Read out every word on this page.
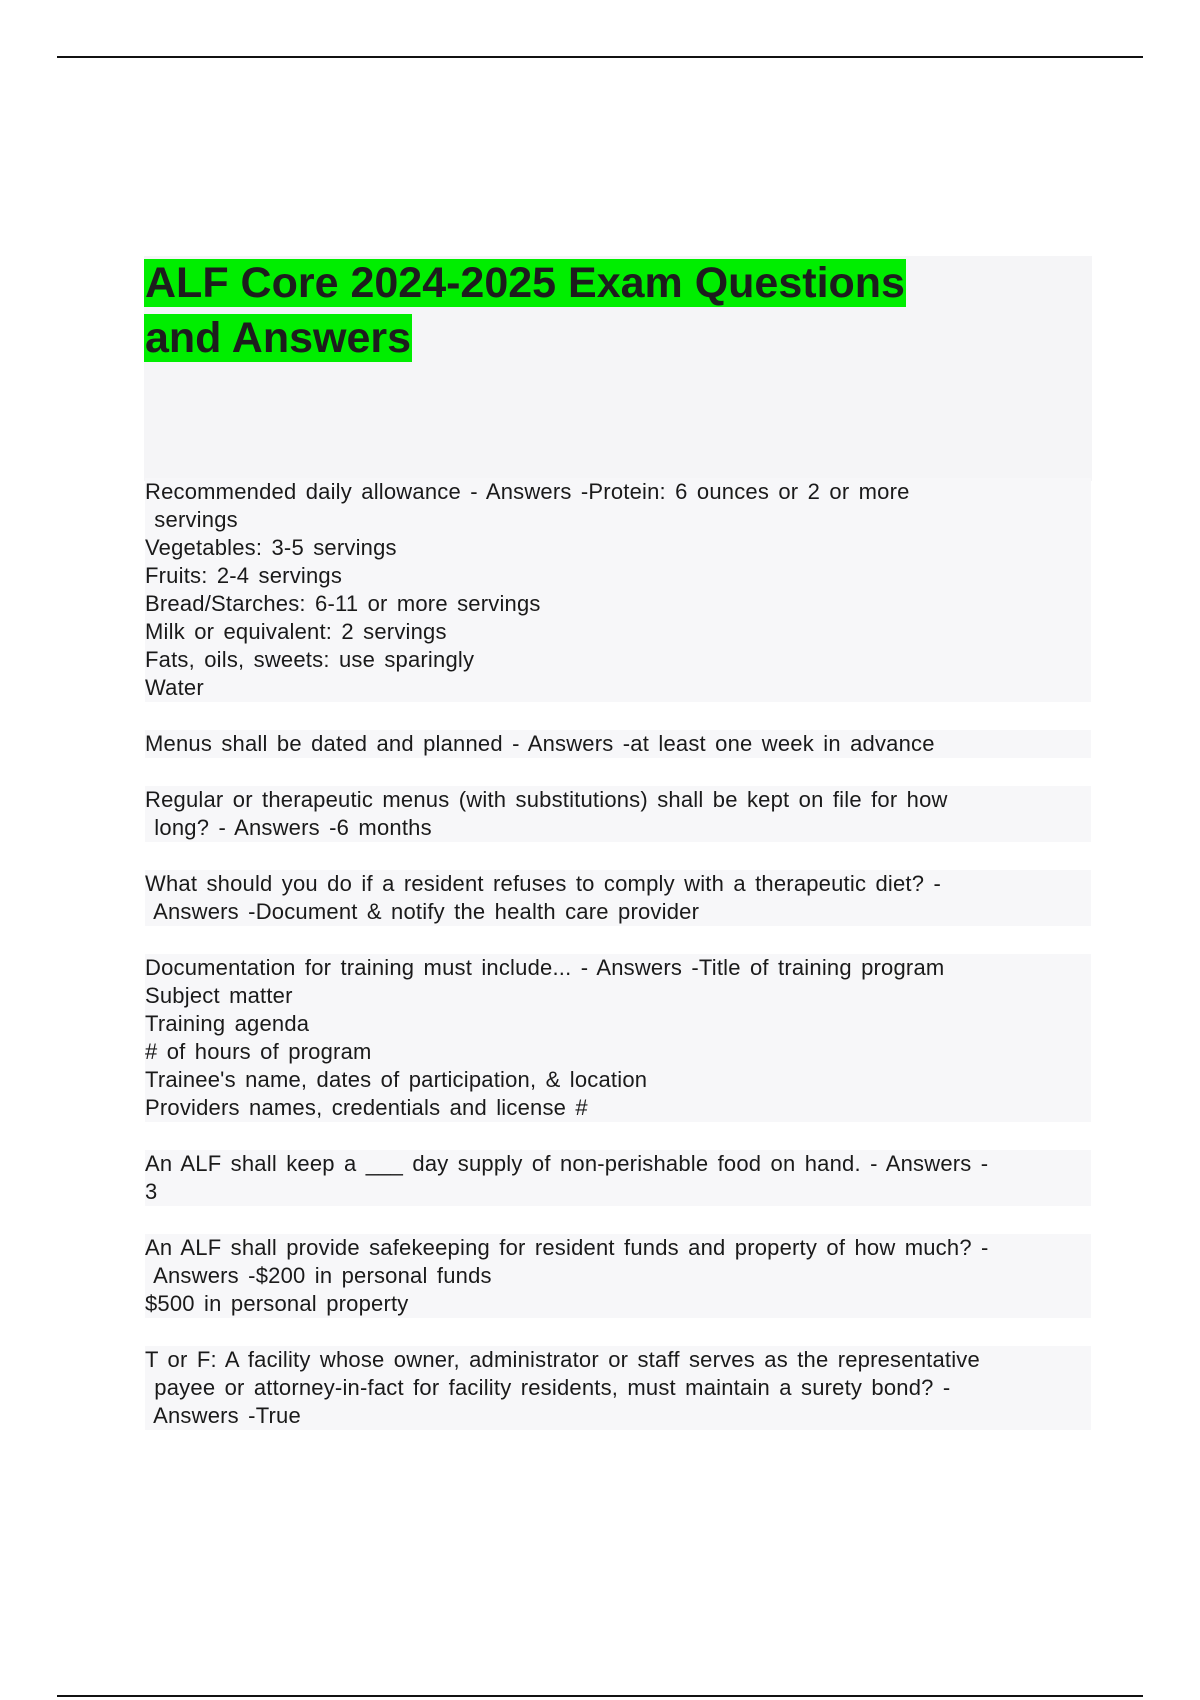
ALF Core 2024-2025 Exam Questions
and Answers
Recommended daily allowance - Answers -Protein: 6 ounces or 2 or more
servings
Vegetables: 3-5 servings
Fruits: 2-4 servings
Bread/Starches: 6-11 or more servings
Milk or equivalent: 2 servings
Fats, oils, sweets: use sparingly
Water
Menus shall be dated and planned - Answers -at least one week in advance
Regular or therapeutic menus (with substitutions) shall be kept on file for how
long? - Answers -6 months
What should you do if a resident refuses to comply with a therapeutic diet? -
Answers -Document & notify the health care provider
Documentation for training must include... - Answers -Title of training program
Subject matter
Training agenda
# of hours of program
Trainee's name, dates of participation, & location
Providers names, credentials and license #
An ALF shall keep a ___ day supply of non-perishable food on hand. - Answers -
3
An ALF shall provide safekeeping for resident funds and property of how much? -
Answers -$200 in personal funds
$500 in personal property
T or F: A facility whose owner, administrator or staff serves as the representative
payee or attorney-in-fact for facility residents, must maintain a surety bond? -
Answers -True
